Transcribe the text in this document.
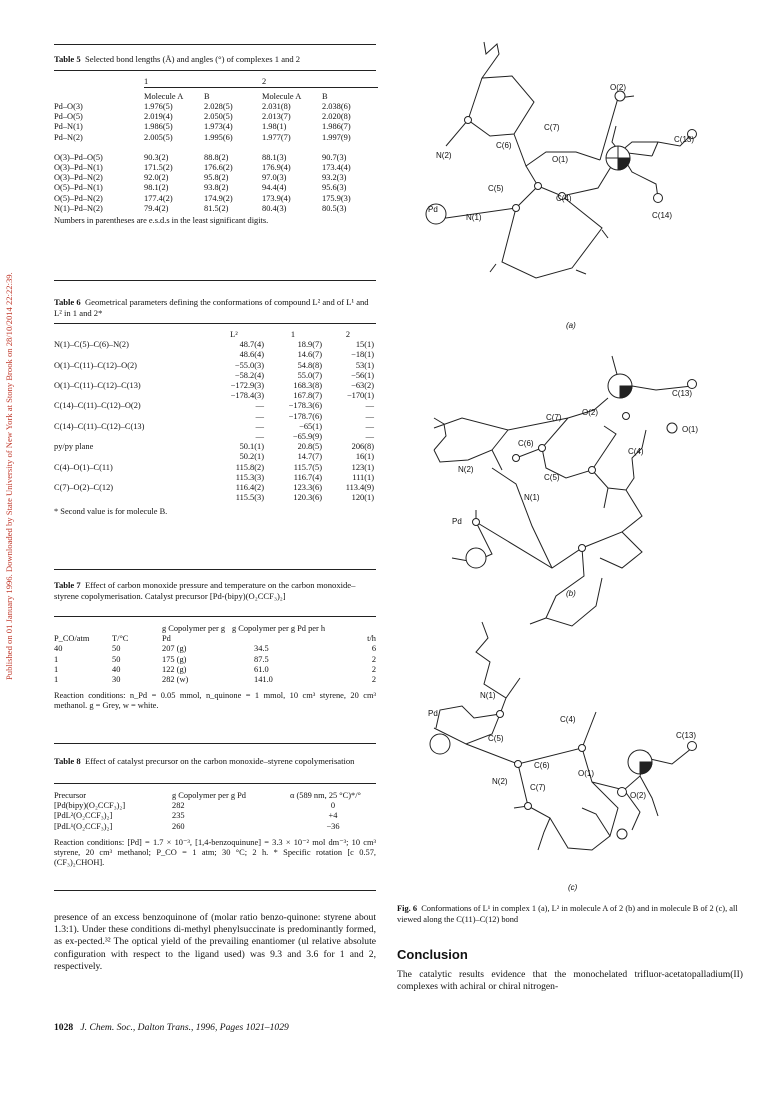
Published on 01 January 1996. Downloaded by State University of New York at Stony Brook on 28/10/2014 22:22:39.
Table 5 Selected bond lengths (Å) and angles (°) of complexes 1 and 2
	1		2	

	Molecule A	B	Molecule A	B
Pd–O(3)	1.976(5)	2.028(5)	2.031(8)	2.038(6)
Pd–O(5)	2.019(4)	2.050(5)	2.013(7)	2.020(8)
Pd–N(1)	1.986(5)	1.973(4)	1.98(1)	1.986(7)
Pd–N(2)	2.005(5)	1.995(6)	1.977(7)	1.997(9)

O(3)–Pd–O(5)	90.3(2)	88.8(2)	88.1(3)	90.7(3)
O(3)–Pd–N(1)	171.5(2)	176.6(2)	176.9(4)	173.4(4)
O(3)–Pd–N(2)	92.0(2)	95.8(2)	97.0(3)	93.2(3)
O(5)–Pd–N(1)	98.1(2)	93.8(2)	94.4(4)	95.6(3)
O(5)–Pd–N(2)	177.4(2)	174.9(2)	173.9(4)	175.9(3)
N(1)–Pd–N(2)	79.4(2)	81.5(2)	80.4(3)	80.5(3)
Numbers in parentheses are e.s.d.s in the least significant digits.
Table 6 Geometrical parameters defining the conformations of compound L² and of L¹ and L² in 1 and 2*
	L²	1	2
N(1)–C(5)–C(6)–N(2)	48.7(4)	18.9(7)	15(1)
	48.6(4)	14.6(7)	−18(1)
O(1)–C(11)–C(12)–O(2)	−55.0(3)	54.8(8)	53(1)
	−58.2(4)	55.0(7)	−56(1)
O(1)–C(11)–C(12)–C(13)	−172.9(3)	168.3(8)	−63(2)
	−178.4(3)	167.8(7)	−170(1)
C(14)–C(11)–C(12)–O(2)	—	−178.3(6)	—
	—	−178.7(6)	—
C(14)–C(11)–C(12)–C(13)	—	−65(1)	—
	—	−65.9(9)	—
py/py plane	50.1(1)	20.8(5)	206(8)
	50.2(1)	14.7(7)	16(1)
C(4)–O(1)–C(11)	115.8(2)	115.7(5)	123(1)
	115.3(3)	116.7(4)	111(1)
C(7)–O(2)–C(12)	116.4(2)	123.3(6)	113.4(9)
	115.5(3)	120.3(6)	120(1)
* Second value is for molecule B.
Table 7 Effect of carbon monoxide pressure and temperature on the carbon monoxide–styrene copolymerisation. Catalyst precursor [Pd-(bipy)(O₂CCF₃)₂]
P_CO/atm	T/°C	g Copolymer per g Pd	g Copolymer per g Pd per h	t/h
40	50	207 (g)	34.5	6
1	50	175 (g)	87.5	2
1	40	122 (g)	61.0	2
1	30	282 (w)	141.0	2
Reaction conditions: n_Pd = 0.05 mmol, n_quinone = 1 mmol, 10 cm³ styrene, 20 cm³ methanol. g = Grey, w = white.
Table 8 Effect of catalyst precursor on the carbon monoxide–styrene copolymerisation
Precursor	g Copolymer per g Pd	α (589 nm, 25 °C)*/°
[Pd(bipy)(O₂CCF₃)₂]	282	0
[PdL²(O₂CCF₃)₂]	235	+4
[PdL¹(O₂CCF₃)₂]	260	−36
Reaction conditions: [Pd] = 1.7 × 10⁻³, [1,4-benzoquinune] = 3.3 × 10⁻² mol dm⁻³; 10 cm³ styrene, 20 cm³ methanol; P_CO = 1 atm; 30 °C; 2 h. * Specific rotation [c 0.57, (CF₃)₂CHOH].
presence of an excess benzoquinone of (molar ratio benzo-quinone: styrene about 1.3:1). Under these conditions di-methyl phenylsuccinate is predominantly formed, as ex-pected.³² The optical yield of the prevailing enantiomer (ul relative absolute configuration with respect to the ligand used) was 9.3 and 3.6 for 1 and 2, respectively.
1028 J. Chem. Soc., Dalton Trans., 1996, Pages 1021–1029
O(2)
C(7)
C(13)
N(2)
C(6)
O(1)
C(5)
C(4)
Pd
N(1)	C(14)
(a)
C(13)
O(2)
C(7)
O(1)
C(6)
C(4)
N(2)
C(5)
N(1)
Pd
(b)
N(1)
Pd
C(4)
C(13)
C(5)
O(1)
C(6)
N(2)
C(7)
O(2)
(c)
Fig. 6 Conformations of L¹ in complex 1 (a), L² in molecule A of 2 (b) and in molecule B of 2 (c), all viewed along the C(11)–C(12) bond
Conclusion
The catalytic results evidence that the monochelated trifluor-acetatopalladium(II) complexes with achiral or chiral nitrogen-
